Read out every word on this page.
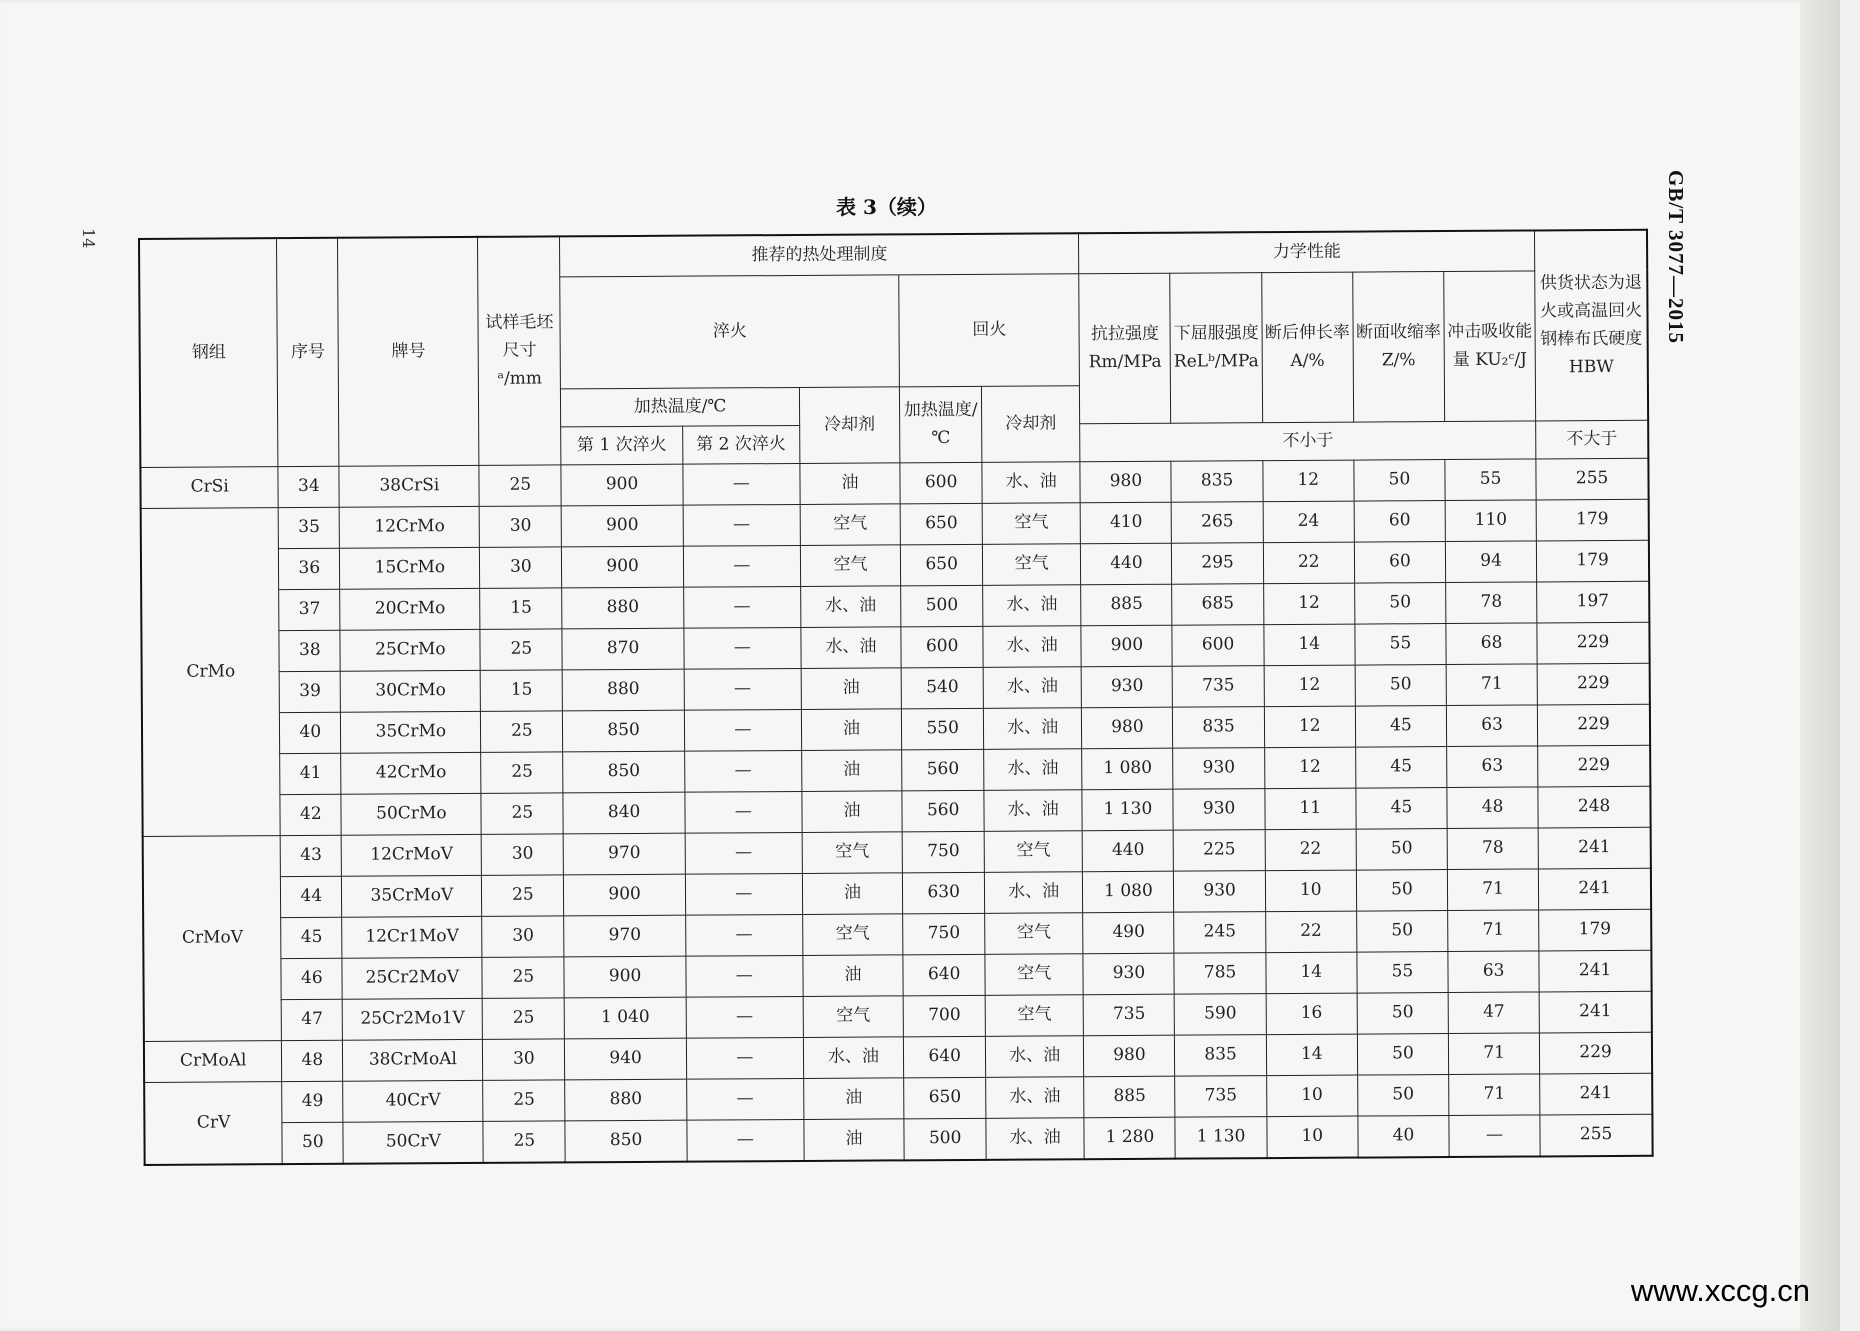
14	GB/T 3077—2015
表 3（续）
钢组	序号	牌号	试样毛坯尺寸ᵃ/mm	推荐的热处理制度					力学性能					供货状态为退火或高温回火钢棒布氏硬度 HBW
				淬火			回火		抗拉强度 Rm/MPa	下屈服强度 ReLᵇ/MPa	断后伸长率 A/%	断面收缩率 Z/%	冲击吸收能量 KU₂ᶜ/J	
				加热温度/℃		冷却剂	加热温度/℃	冷却剂						
				第 1 次淬火	第 2 次淬火				不小于					不大于
CrSi	34	38CrSi	25	900	—	油	600	水、油	980	835	12	50	55	255
CrMo	35	12CrMo	30	900	—	空气	650	空气	410	265	24	60	110	179
	36	15CrMo	30	900	—	空气	650	空气	440	295	22	60	94	179
	37	20CrMo	15	880	—	水、油	500	水、油	885	685	12	50	78	197
	38	25CrMo	25	870	—	水、油	600	水、油	900	600	14	55	68	229
	39	30CrMo	15	880	—	油	540	水、油	930	735	12	50	71	229
	40	35CrMo	25	850	—	油	550	水、油	980	835	12	45	63	229
	41	42CrMo	25	850	—	油	560	水、油	1 080	930	12	45	63	229
	42	50CrMo	25	840	—	油	560	水、油	1 130	930	11	45	48	248
CrMoV	43	12CrMoV	30	970	—	空气	750	空气	440	225	22	50	78	241
	44	35CrMoV	25	900	—	油	630	水、油	1 080	930	10	50	71	241
	45	12Cr1MoV	30	970	—	空气	750	空气	490	245	22	50	71	179
	46	25Cr2MoV	25	900	—	油	640	空气	930	785	14	55	63	241
	47	25Cr2Mo1V	25	1 040	—	空气	700	空气	735	590	16	50	47	241
CrMoAl	48	38CrMoAl	30	940	—	水、油	640	水、油	980	835	14	50	71	229
CrV	49	40CrV	25	880	—	油	650	水、油	885	735	10	50	71	241
	50	50CrV	25	850	—	油	500	水、油	1 280	1 130	10	40	—	255
www.xccg.cn
